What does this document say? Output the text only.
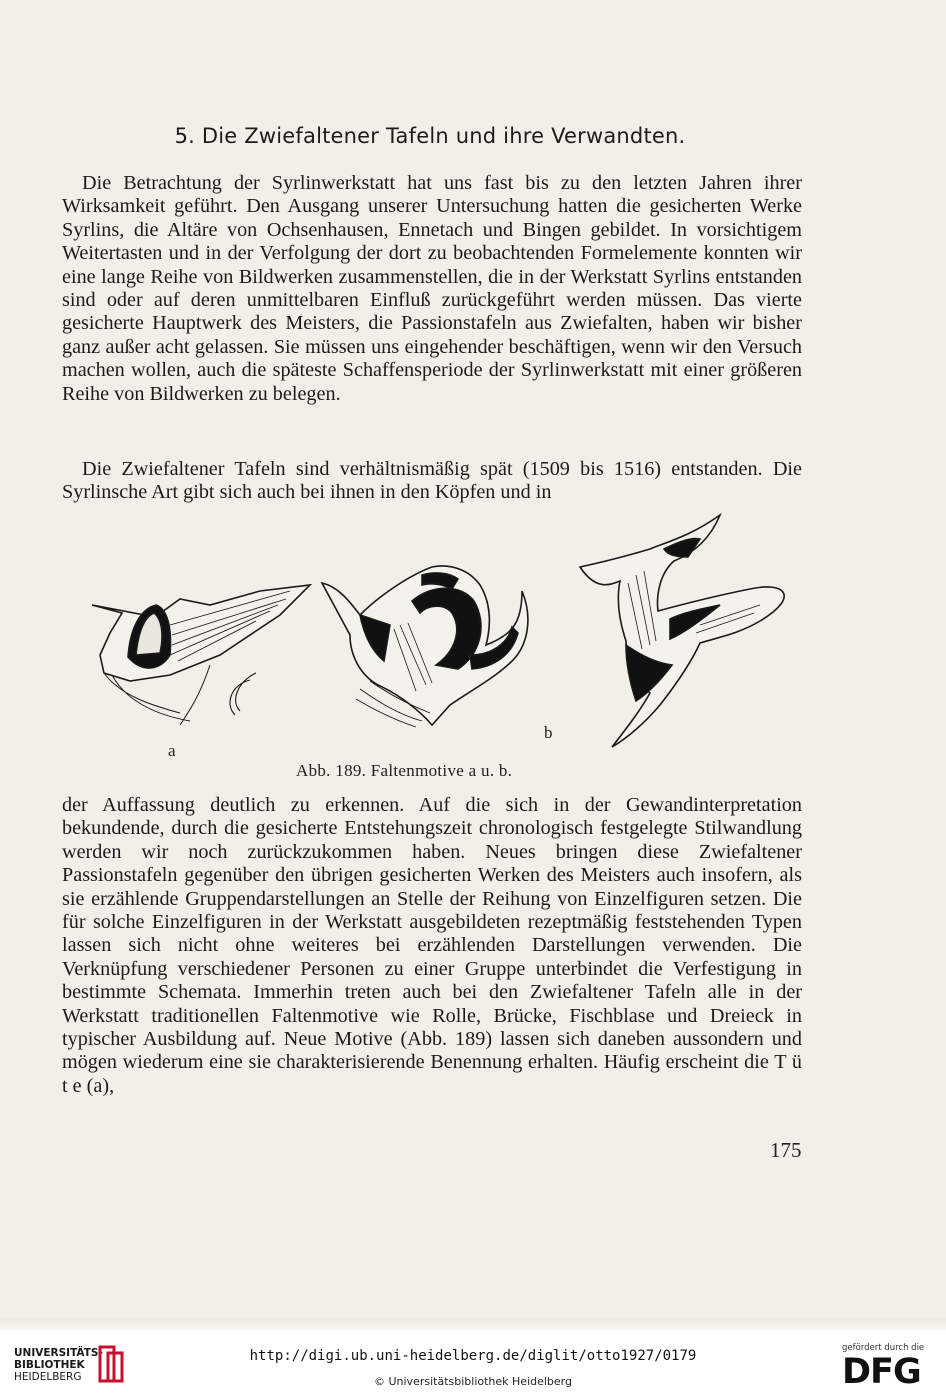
5. Die Zwiefaltener Tafeln und ihre Verwandten.

Die Betrachtung der Syrlinwerkstatt hat uns fast bis zu den letzten Jahren ihrer Wirksamkeit geführt. Den Ausgang unserer Untersuchung hatten die gesicherten Werke Syrlins, die Altäre von Ochsenhausen, Ennetach und Bingen gebildet. In vorsichtigem Weitertasten und in der Verfolgung der dort zu beobachtenden Formelemente konnten wir eine lange Reihe von Bildwerken zusammenstellen, die in der Werkstatt Syrlins entstanden sind oder auf deren unmittelbaren Einfluß zurückgeführt werden müssen. Das vierte gesicherte Hauptwerk des Meisters, die Passionstafeln aus Zwiefalten, haben wir bisher ganz außer acht gelassen. Sie müssen uns eingehender beschäftigen, wenn wir den Versuch machen wollen, auch die späteste Schaffensperiode der Syrlinwerkstatt mit einer größeren Reihe von Bildwerken zu belegen.

Die Zwiefaltener Tafeln sind verhältnismäßig spät (1509 bis 1516) entstanden. Die Syrlinsche Art gibt sich auch bei ihnen in den Köpfen und in

a
b
Abb. 189. Faltenmotive a u. b.

der Auffassung deutlich zu erkennen. Auf die sich in der Gewandinterpretation bekundende, durch die gesicherte Entstehungszeit chronologisch festgelegte Stilwandlung werden wir noch zurückzukommen haben. Neues bringen diese Zwiefaltener Passionstafeln gegenüber den übrigen gesicherten Werken des Meisters auch insofern, als sie erzählende Gruppendarstellungen an Stelle der Reihung von Einzelfiguren setzen. Die für solche Einzelfiguren in der Werkstatt ausgebildeten rezeptmäßig feststehenden Typen lassen sich nicht ohne weiteres bei erzählenden Darstellungen verwenden. Die Verknüpfung verschiedener Personen zu einer Gruppe unterbindet die Verfestigung in bestimmte Schemata. Immerhin treten auch bei den Zwiefaltener Tafeln alle in der Werkstatt traditionellen Faltenmotive wie Rolle, Brücke, Fischblase und Dreieck in typischer Ausbildung auf. Neue Motive (Abb. 189) lassen sich daneben aussondern und mögen wiederum eine sie charakterisierende Benennung erhalten. Häufig erscheint die T ü t e (a),

​
175
UNIVERSITÄTS-
BIBLIOTHEK
HEIDELBERG
http://digi.ub.uni-heidelberg.de/diglit/otto1927/0179
© Universitätsbibliothek Heidelberg
gefördert durch die
DFG
